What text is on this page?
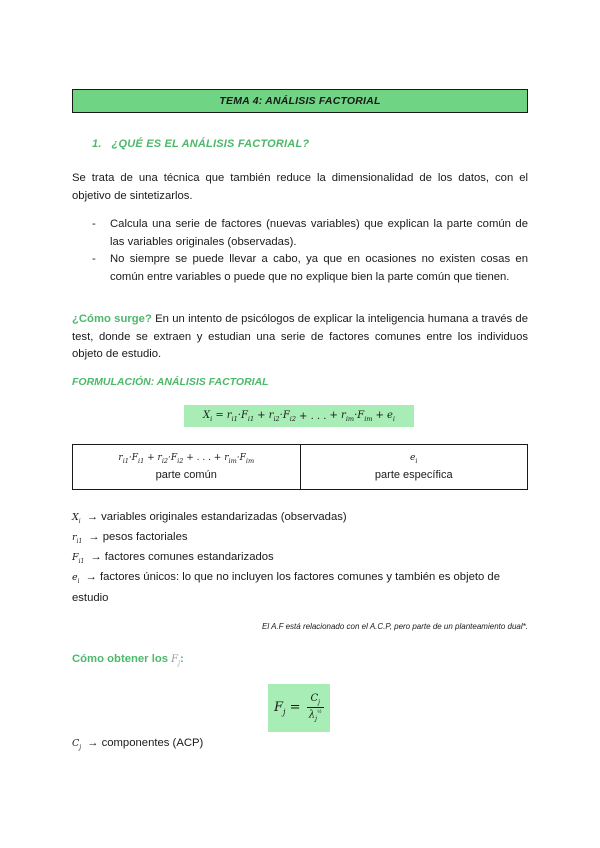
TEMA 4: ANÁLISIS FACTORIAL
1. ¿QUÉ ES EL ANÁLISIS FACTORIAL?

Se trata de una técnica que también reduce la dimensionalidad de los datos, con el objetivo de sintetizarlos.

- Calcula una serie de factores (nuevas variables) que explican la parte común de las variables originales (observadas).
- No siempre se puede llevar a cabo, ya que en ocasiones no existen cosas en común entre variables o puede que no explique bien la parte común que tienen.

¿Cómo surge? En un intento de psicólogos de explicar la inteligencia humana a través de test, donde se extraen y estudian una serie de factores comunes entre los individuos objeto de estudio.

FORMULACIÓN: ANÁLISIS FACTORIAL
$X_i = r_{i1}\cdot F_{i1} + r_{i2}\cdot F_{i2}$ + . . . + $r_{im}\cdot F_{im} + e_i$
$r_{i1}\cdot F_{i1} + r_{i2}\cdot F_{i2}$ + . . . + $r_{im}\cdot F_{im}$
parte común
$e_i$
parte específica
$X_i$ → variables originales estandarizadas (observadas)
$r_{i1}$ → pesos factoriales
$F_{i1}$ → factores comunes estandarizados
$e_i$ → factores únicos: lo que no incluyen los factores comunes y también es objeto de estudio
El A.F está relacionado con el A.C.P, pero parte de un planteamiento dual*.
Cómo obtener los $F_j$:
$F_j = \frac{C_j}{\lambda_j^{\frac{1}{2}}}$
$C_j$ → componentes (ACP)
